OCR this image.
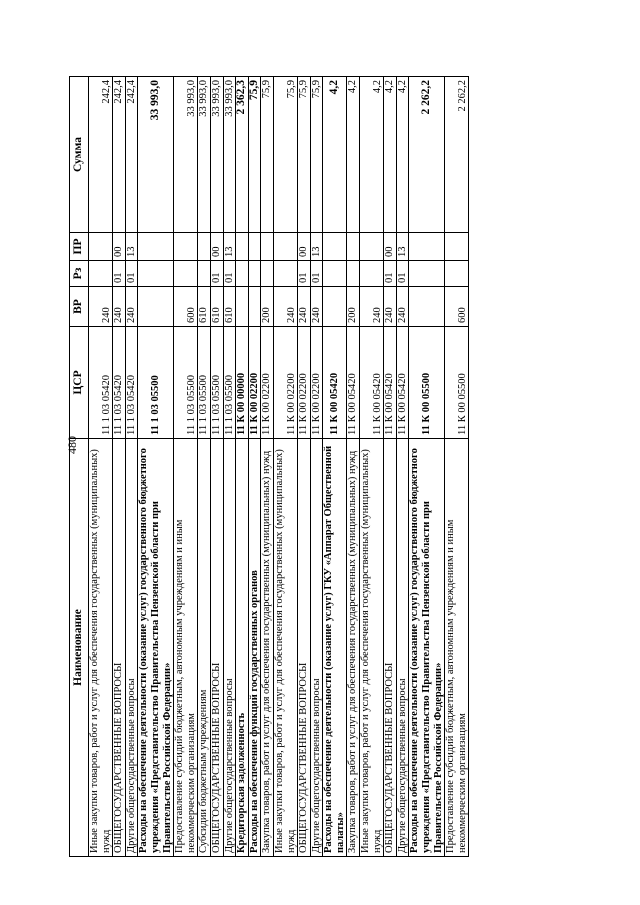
480
Наименование	ЦСР	ВР	Рз	ПР	Сумма
Иные закупки товаров, работ и услуг для обеспечения государственных (муниципальных) нужд	11 1 03 05420	240			242,4
ОБЩЕГОСУДАРСТВЕННЫЕ ВОПРОСЫ	11 1 03 05420	240	01	00	242,4
Другие общегосударственные вопросы	11 1 03 05420	240	01	13	242,4
Расходы на обеспечение деятельности (оказание услуг) государственного бюджетного учреждения «Представительство Правительства Пензенской области при Правительстве Российской Федерации»	11 1 03 05500				33 993,0
Предоставление субсидий бюджетным, автономным учреждениям и иным некоммерческим организациям	11 1 03 05500	600			33 993,0
Субсидии бюджетным учреждениям	11 1 03 05500	610			33 993,0
ОБЩЕГОСУДАРСТВЕННЫЕ ВОПРОСЫ	11 1 03 05500	610	01	00	33 993,0
Другие общегосударственные вопросы	11 1 03 05500	610	01	13	33 993,0
Кредиторская задолженность	11 К 00 00000				2 362,3
Расходы на обеспечение функций государственных органов	11 К 00 02200				75,9
Закупка товаров, работ и услуг для обеспечения государственных (муниципальных) нужд	11 К 00 02200	200			75,9
Иные закупки товаров, работ и услуг для обеспечения государственных (муниципальных) нужд	11 К 00 02200	240			75,9
ОБЩЕГОСУДАРСТВЕННЫЕ ВОПРОСЫ	11 К 00 02200	240	01	00	75,9
Другие общегосударственные вопросы	11 К 00 02200	240	01	13	75,9
Расходы на обеспечение деятельности (оказание услуг) ГКУ «Аппарат Общественной палаты»	11 К 00 05420				4,2
Закупка товаров, работ и услуг для обеспечения государственных (муниципальных) нужд	11 К 00 05420	200			4,2
Иные закупки товаров, работ и услуг для обеспечения государственных (муниципальных) нужд	11 К 00 05420	240			4,2
ОБЩЕГОСУДАРСТВЕННЫЕ ВОПРОСЫ	11 К 00 05420	240	01	00	4,2
Другие общегосударственные вопросы	11 К 00 05420	240	01	13	4,2
Расходы на обеспечение деятельности (оказание услуг) государственного бюджетного учреждения «Представительство Правительства Пензенской области при Правительстве Российской Федерации»	11 К 00 05500				2 262,2
Предоставление субсидий бюджетным, автономным учреждениям и иным некоммерческим организациям	11 К 00 05500	600			2 262,2
